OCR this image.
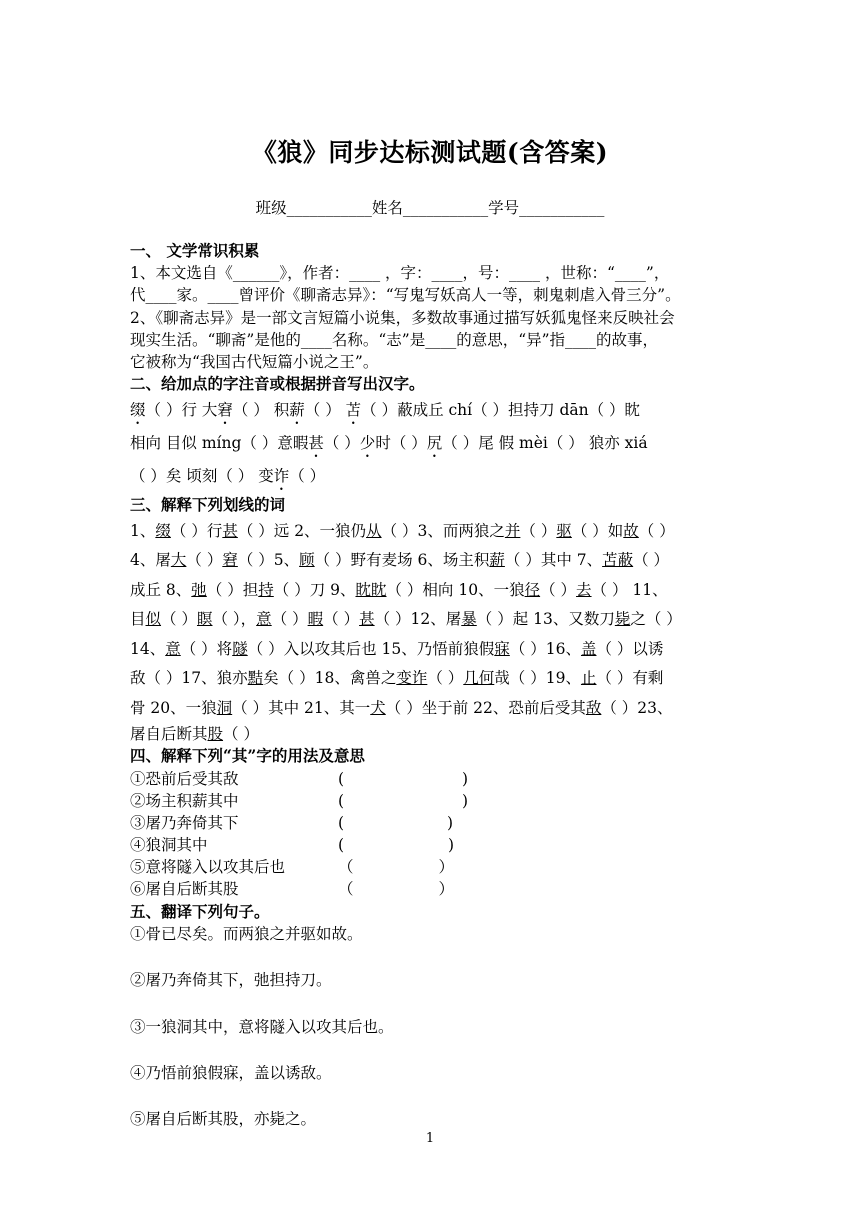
《狼》同步达标测试题(含答案)
班级___________姓名___________学号___________

一、 文学常识积累

1、本文选自《______》，作者：____ ，字：____，号：____ ，世称：“____”，

代____家。____曾评价《聊斋志异》：“写鬼写妖高人一等，刺鬼刺虐入骨三分”。

2、《聊斋志异》是一部文言短篇小说集，多数故事通过描写妖狐鬼怪来反映社会

现实生活。“聊斋”是他的____名称。“志”是____的意思，“异”指____的故事，

它被称为“我国古代短篇小说之王”。

二、给加点的字注音或根据拼音写出汉字。

缀（ ）行 大窘（ ） 积薪（ ） 苫（ ）蔽成丘 chí（ ）担持刀 dān（ ）眈

相向 目似 míng（ ）意暇甚（ ）少时（ ）尻（ ）尾 假 mèi（ ） 狼亦 xiá

（ ）矣 顷刻（ ） 变诈（ ）

三、解释下列划线的词

1、缀（ ）行甚（ ）远 2、一狼仍从（ ）3、而两狼之并（ ）驱（ ）如故（ ）

4、屠大（ ）窘（ ）5、顾（ ）野有麦场 6、场主积薪（ ）其中 7、苫蔽（ ）

成丘 8、弛（ ）担持（ ）刀 9、眈眈（ ）相向 10、一狼径（ ）去（ ） 11、

目似（ ）瞑（ ），意（ ）暇（ ）甚（ ）12、屠暴（ ）起 13、又数刀毙之（ ）

14、意（ ）将隧（ ）入以攻其后也 15、乃悟前狼假寐（ ）16、盖（ ）以诱

敌（ ）17、狼亦黠矣（ ）18、禽兽之变诈（ ）几何哉（ ）19、止（ ）有剩

骨 20、一狼洞（ ）其中 21、其一犬（ ）坐于前 22、恐前后受其敌（ ）23、

屠自后断其股（ ）

四、解释下列“其”字的用法及意思

①恐前后受其敌	(	)
②场主积薪其中	(	)
③屠乃奔倚其下	(	)
④狼洞其中	(	)
⑤意将隧入以攻其后也	（	）
⑥屠自后断其股	（	）

五、翻译下列句子。

①骨已尽矣。而两狼之并驱如故。

②屠乃奔倚其下，弛担持刀。

③一狼洞其中，意将隧入以攻其后也。

④乃悟前狼假寐，盖以诱敌。

⑤屠自后断其股，亦毙之。

1
